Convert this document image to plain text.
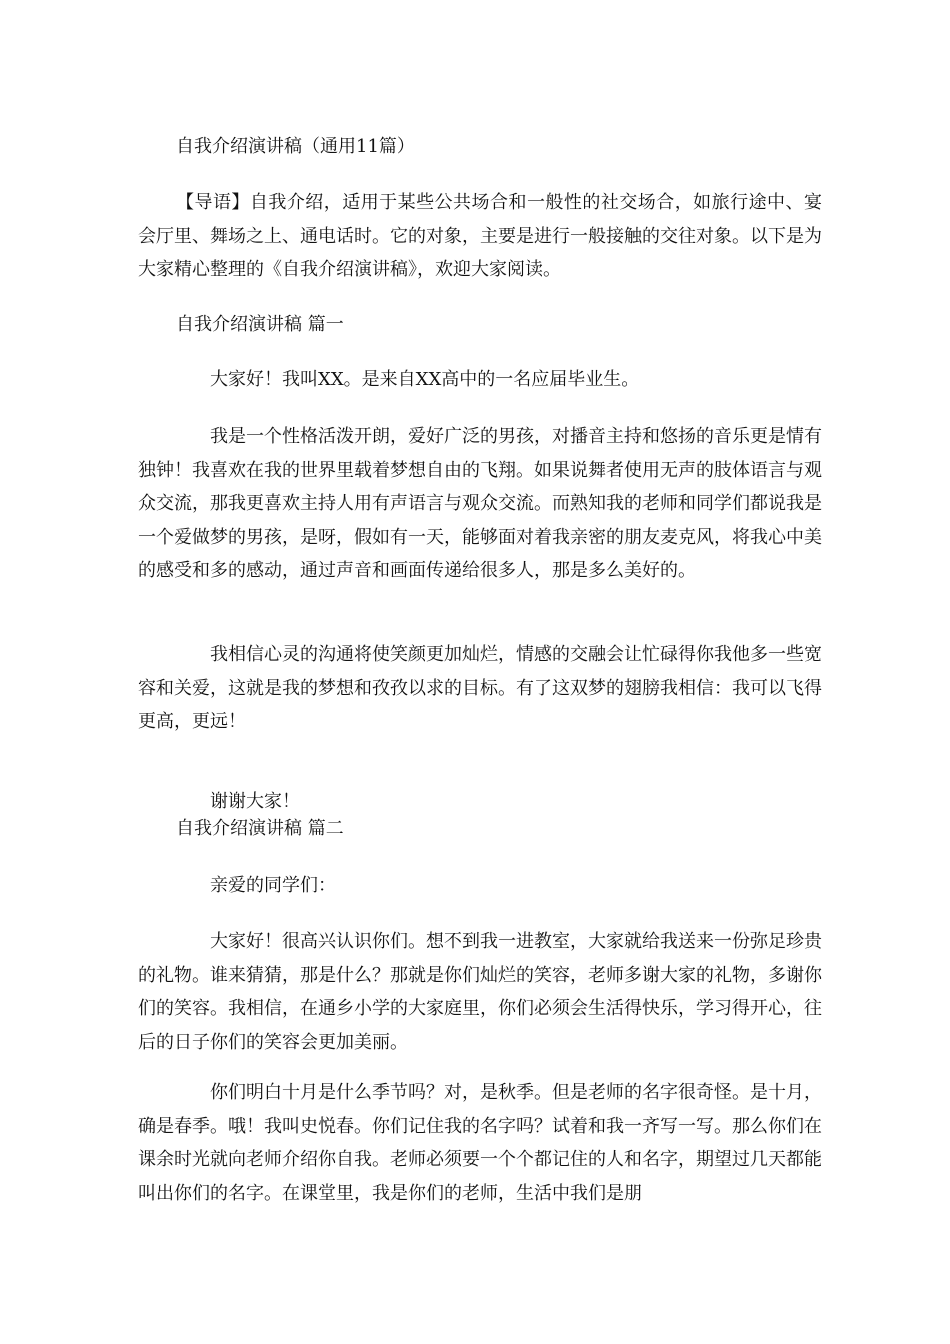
自我介绍演讲稿（通用11篇）

【导语】自我介绍，适用于某些公共场合和一般性的社交场合，如旅行途中、宴会厅里、舞场之上、通电话时。它的对象，主要是进行一般接触的交往对象。以下是为大家精心整理的《自我介绍演讲稿》，欢迎大家阅读。

自我介绍演讲稿 篇一
大家好！我叫XX。是来自XX高中的一名应届毕业生。

我是一个性格活泼开朗，爱好广泛的男孩，对播音主持和悠扬的音乐更是情有独钟！我喜欢在我的世界里载着梦想自由的飞翔。如果说舞者使用无声的肢体语言与观众交流，那我更喜欢主持人用有声语言与观众交流。而熟知我的老师和同学们都说我是一个爱做梦的男孩，是呀，假如有一天，能够面对着我亲密的朋友麦克风，将我心中美的感受和多的感动，通过声音和画面传递给很多人，那是多么美好的。

我相信心灵的沟通将使笑颜更加灿烂，情感的交融会让忙碌得你我他多一些宽容和关爱，这就是我的梦想和孜孜以求的目标。有了这双梦的翅膀我相信：我可以飞得更高，更远！

谢谢大家！
自我介绍演讲稿 篇二
亲爱的同学们：

大家好！很高兴认识你们。想不到我一进教室，大家就给我送来一份弥足珍贵的礼物。谁来猜猜，那是什么？那就是你们灿烂的笑容，老师多谢大家的礼物，多谢你们的笑容。我相信，在通乡小学的大家庭里，你们必须会生活得快乐，学习得开心，往后的日子你们的笑容会更加美丽。

你们明白十月是什么季节吗？对，是秋季。但是老师的名字很奇怪。是十月，确是春季。哦！我叫史悦春。你们记住我的名字吗？试着和我一齐写一写。那么你们在课余时光就向老师介绍你自我。老师必须要一个个都记住的人和名字，期望过几天都能叫出你们的名字。在课堂里，我是你们的老师，生活中我们是朋
